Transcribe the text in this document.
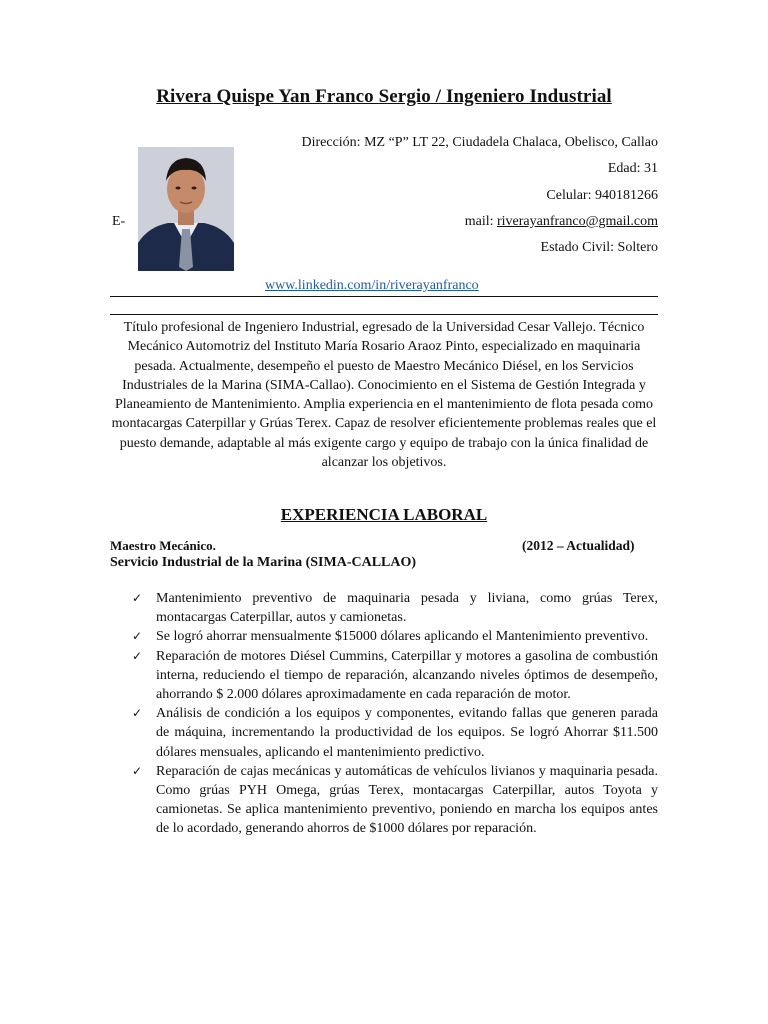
Rivera Quispe Yan Franco Sergio / Ingeniero Industrial
Dirección: MZ “P” LT 22, Ciudadela Chalaca, Obelisco, Callao
Edad: 31
Celular: 940181266
E-	mail: riverayanfranco@gmail.com
Estado Civil: Soltero
www.linkedin.com/in/riverayanfranco
Título profesional de Ingeniero Industrial, egresado de la Universidad Cesar Vallejo. Técnico Mecánico Automotriz del Instituto María Rosario Araoz Pinto, especializado en maquinaria pesada. Actualmente, desempeño el puesto de Maestro Mecánico Diésel, en los Servicios Industriales de la Marina (SIMA-Callao). Conocimiento en el Sistema de Gestión Integrada y Planeamiento de Mantenimiento. Amplia experiencia en el mantenimiento de flota pesada como montacargas Caterpillar y Grúas Terex. Capaz de resolver eficientemente problemas reales que el puesto demande, adaptable al más exigente cargo y equipo de trabajo con la única finalidad de alcanzar los objetivos.
EXPERIENCIA LABORAL
Maestro Mecánico.	(2012 – Actualidad)
Servicio Industrial de la Marina (SIMA-CALLAO)
✓ Mantenimiento preventivo de maquinaria pesada y liviana, como grúas Terex, montacargas Caterpillar, autos y camionetas.
✓ Se logró ahorrar mensualmente $15000 dólares aplicando el Mantenimiento preventivo.
✓ Reparación de motores Diésel Cummins, Caterpillar y motores a gasolina de combustión interna, reduciendo el tiempo de reparación, alcanzando niveles óptimos de desempeño, ahorrando $ 2.000 dólares aproximadamente en cada reparación de motor.
✓ Análisis de condición a los equipos y componentes, evitando fallas que generen parada de máquina, incrementando la productividad de los equipos. Se logró Ahorrar $11.500 dólares mensuales, aplicando el mantenimiento predictivo.
✓ Reparación de cajas mecánicas y automáticas de vehículos livianos y maquinaria pesada. Como grúas PYH Omega, grúas Terex, montacargas Caterpillar, autos Toyota y camionetas. Se aplica mantenimiento preventivo, poniendo en marcha los equipos antes de lo acordado, generando ahorros de $1000 dólares por reparación.
